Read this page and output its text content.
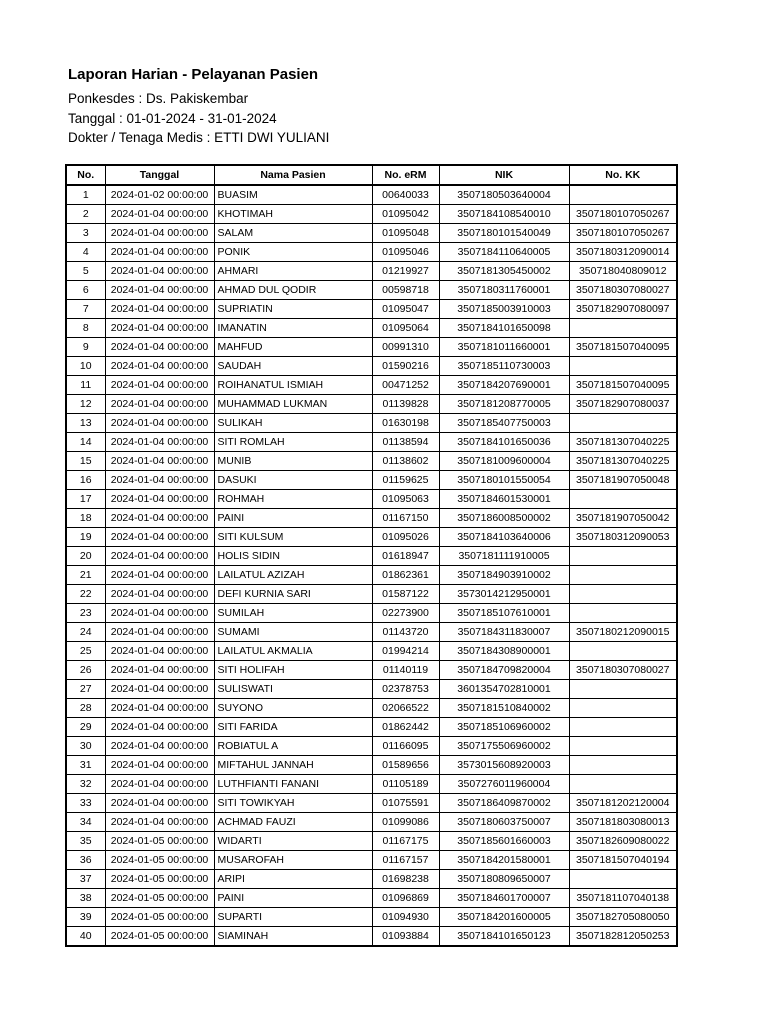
Laporan Harian - Pelayanan Pasien

Ponkesdes : Ds. Pakiskembar

Tanggal : 01-01-2024 - 31-01-2024

Dokter / Tenaga Medis : ETTI DWI YULIANI

No.	Tanggal	Nama Pasien	No. eRM	NIK	No. KK
1	2024-01-02 00:00:00	BUASIM	00640033	3507180503640004	
2	2024-01-04 00:00:00	KHOTIMAH	01095042	3507184108540010	3507180107050267
3	2024-01-04 00:00:00	SALAM	01095048	3507180101540049	3507180107050267
4	2024-01-04 00:00:00	PONIK	01095046	3507184110640005	3507180312090014
5	2024-01-04 00:00:00	AHMARI	01219927	3507181305450002	350718040809012
6	2024-01-04 00:00:00	AHMAD DUL QODIR	00598718	3507180311760001	3507180307080027
7	2024-01-04 00:00:00	SUPRIATIN	01095047	3507185003910003	3507182907080097
8	2024-01-04 00:00:00	IMANATIN	01095064	3507184101650098	
9	2024-01-04 00:00:00	MAHFUD	00991310	3507181011660001	3507181507040095
10	2024-01-04 00:00:00	SAUDAH	01590216	3507185110730003	
11	2024-01-04 00:00:00	ROIHANATUL ISMIAH	00471252	3507184207690001	3507181507040095
12	2024-01-04 00:00:00	MUHAMMAD LUKMAN	01139828	3507181208770005	3507182907080037
13	2024-01-04 00:00:00	SULIKAH	01630198	3507185407750003	
14	2024-01-04 00:00:00	SITI ROMLAH	01138594	3507184101650036	3507181307040225
15	2024-01-04 00:00:00	MUNIB	01138602	3507181009600004	3507181307040225
16	2024-01-04 00:00:00	DASUKI	01159625	3507180101550054	3507181907050048
17	2024-01-04 00:00:00	ROHMAH	01095063	3507184601530001	
18	2024-01-04 00:00:00	PAINI	01167150	3507186008500002	3507181907050042
19	2024-01-04 00:00:00	SITI KULSUM	01095026	3507184103640006	3507180312090053
20	2024-01-04 00:00:00	HOLIS SIDIN	01618947	3507181111910005	
21	2024-01-04 00:00:00	LAILATUL AZIZAH	01862361	3507184903910002	
22	2024-01-04 00:00:00	DEFI KURNIA SARI	01587122	3573014212950001	
23	2024-01-04 00:00:00	SUMILAH	02273900	3507185107610001	
24	2024-01-04 00:00:00	SUMAMI	01143720	3507184311830007	3507180212090015
25	2024-01-04 00:00:00	LAILATUL AKMALIA	01994214	3507184308900001	
26	2024-01-04 00:00:00	SITI HOLIFAH	01140119	3507184709820004	3507180307080027
27	2024-01-04 00:00:00	SULISWATI	02378753	3601354702810001	
28	2024-01-04 00:00:00	SUYONO	02066522	3507181510840002	
29	2024-01-04 00:00:00	SITI FARIDA	01862442	3507185106960002	
30	2024-01-04 00:00:00	ROBIATUL A	01166095	3507175506960002	
31	2024-01-04 00:00:00	MIFTAHUL JANNAH	01589656	3573015608920003	
32	2024-01-04 00:00:00	LUTHFIANTI FANANI	01105189	3507276011960004	
33	2024-01-04 00:00:00	SITI TOWIKYAH	01075591	3507186409870002	3507181202120004
34	2024-01-04 00:00:00	ACHMAD FAUZI	01099086	3507180603750007	3507181803080013
35	2024-01-05 00:00:00	WIDARTI	01167175	3507185601660003	3507182609080022
36	2024-01-05 00:00:00	MUSAROFAH	01167157	3507184201580001	3507181507040194
37	2024-01-05 00:00:00	ARIPI	01698238	3507180809650007	
38	2024-01-05 00:00:00	PAINI	01096869	3507184601700007	3507181107040138
39	2024-01-05 00:00:00	SUPARTI	01094930	3507184201600005	3507182705080050
40	2024-01-05 00:00:00	SIAMINAH	01093884	3507184101650123	3507182812050253
